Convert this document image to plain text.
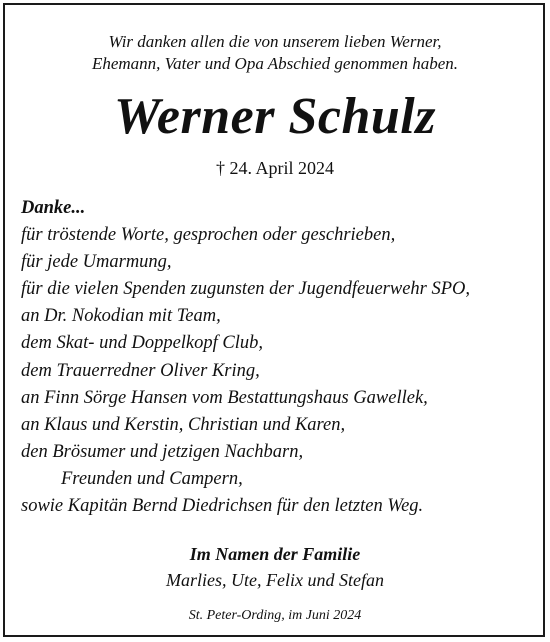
Wir danken allen die von unserem lieben Werner,
Ehemann, Vater und Opa Abschied genommen haben.
Werner Schulz
† 24. April 2024
Danke...
für tröstende Worte, gesprochen oder geschrieben,
für jede Umarmung,
für die vielen Spenden zugunsten der Jugendfeuerwehr SPO,
an Dr. Nokodian mit Team,
dem Skat- und Doppelkopf Club,
dem Trauerredner Oliver Kring,
an Finn Sörge Hansen vom Bestattungshaus Gawellek,
an Klaus und Kerstin, Christian und Karen,
den Brösumer und jetzigen Nachbarn,
Freunden und Campern,
sowie Kapitän Bernd Diedrichsen für den letzten Weg.
Im Namen der Familie
Marlies, Ute, Felix und Stefan
St. Peter-Ording, im Juni 2024
